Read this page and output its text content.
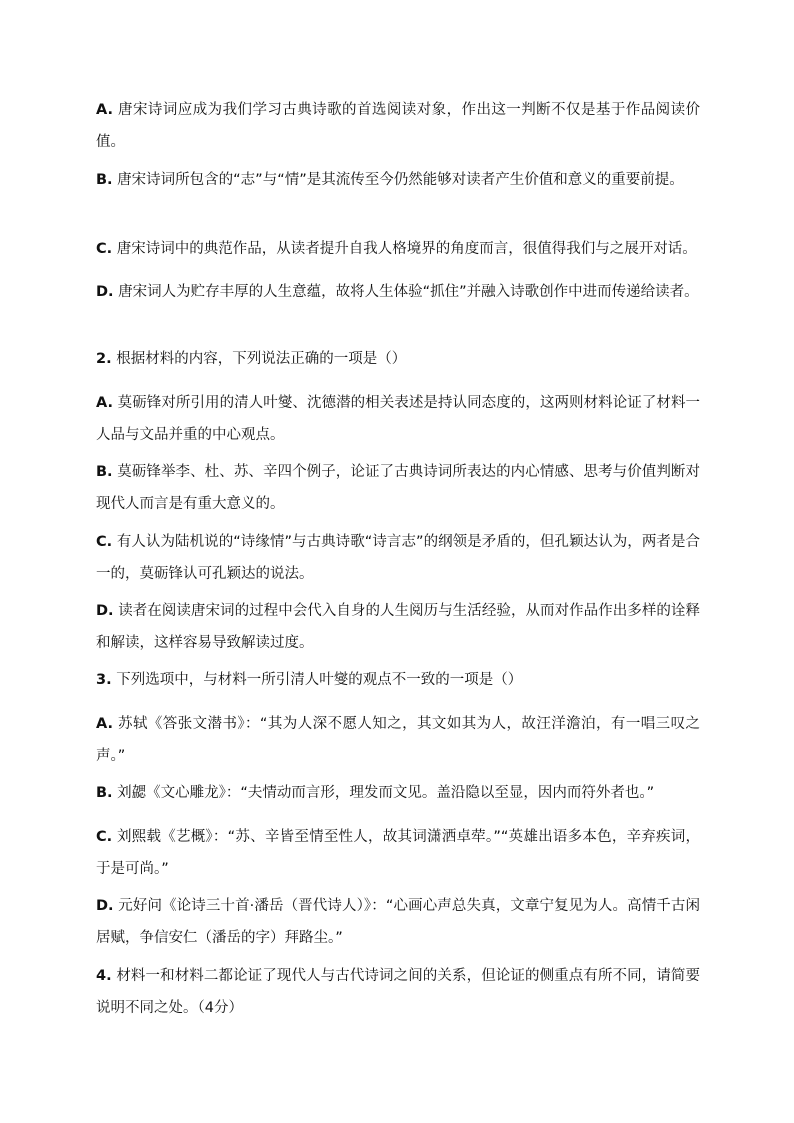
A. 唐宋诗词应成为我们学习古典诗歌的首选阅读对象，作出这一判断不仅是基于作品阅读价值。

B. 唐宋诗词所包含的“志”与“情”是其流传至今仍然能够对读者产生价值和意义的重要前提。

C. 唐宋诗词中的典范作品，从读者提升自我人格境界的角度而言，很值得我们与之展开对话。

D. 唐宋词人为贮存丰厚的人生意蕴，故将人生体验“抓住”并融入诗歌创作中进而传递给读者。

2. 根据材料的内容，下列说法正确的一项是（）

A. 莫砺锋对所引用的清人叶燮、沈德潜的相关表述是持认同态度的，这两则材料论证了材料一人品与文品并重的中心观点。

B. 莫砺锋举李、杜、苏、辛四个例子，论证了古典诗词所表达的内心情感、思考与价值判断对现代人而言是有重大意义的。

C. 有人认为陆机说的“诗缘情”与古典诗歌“诗言志”的纲领是矛盾的，但孔颖达认为，两者是合一的，莫砺锋认可孔颖达的说法。

D. 读者在阅读唐宋词的过程中会代入自身的人生阅历与生活经验，从而对作品作出多样的诠释和解读，这样容易导致解读过度。

3. 下列选项中，与材料一所引清人叶燮的观点不一致的一项是（）

A. 苏轼《答张文潜书》：“其为人深不愿人知之，其文如其为人，故汪洋澹泊，有一唱三叹之声。”

B. 刘勰《文心雕龙》：“夫情动而言形，理发而文见。盖沿隐以至显，因内而符外者也。”

C. 刘熙载《艺概》：“苏、辛皆至情至性人，故其词潇洒卓荦。”“英雄出语多本色，辛弃疾词，于是可尚。”

D. 元好问《论诗三十首·潘岳（晋代诗人）》：“心画心声总失真，文章宁复见为人。高情千古闲居赋，争信安仁（潘岳的字）拜路尘。”

4. 材料一和材料二都论证了现代人与古代诗词之间的关系，但论证的侧重点有所不同，请简要说明不同之处。（4分）
